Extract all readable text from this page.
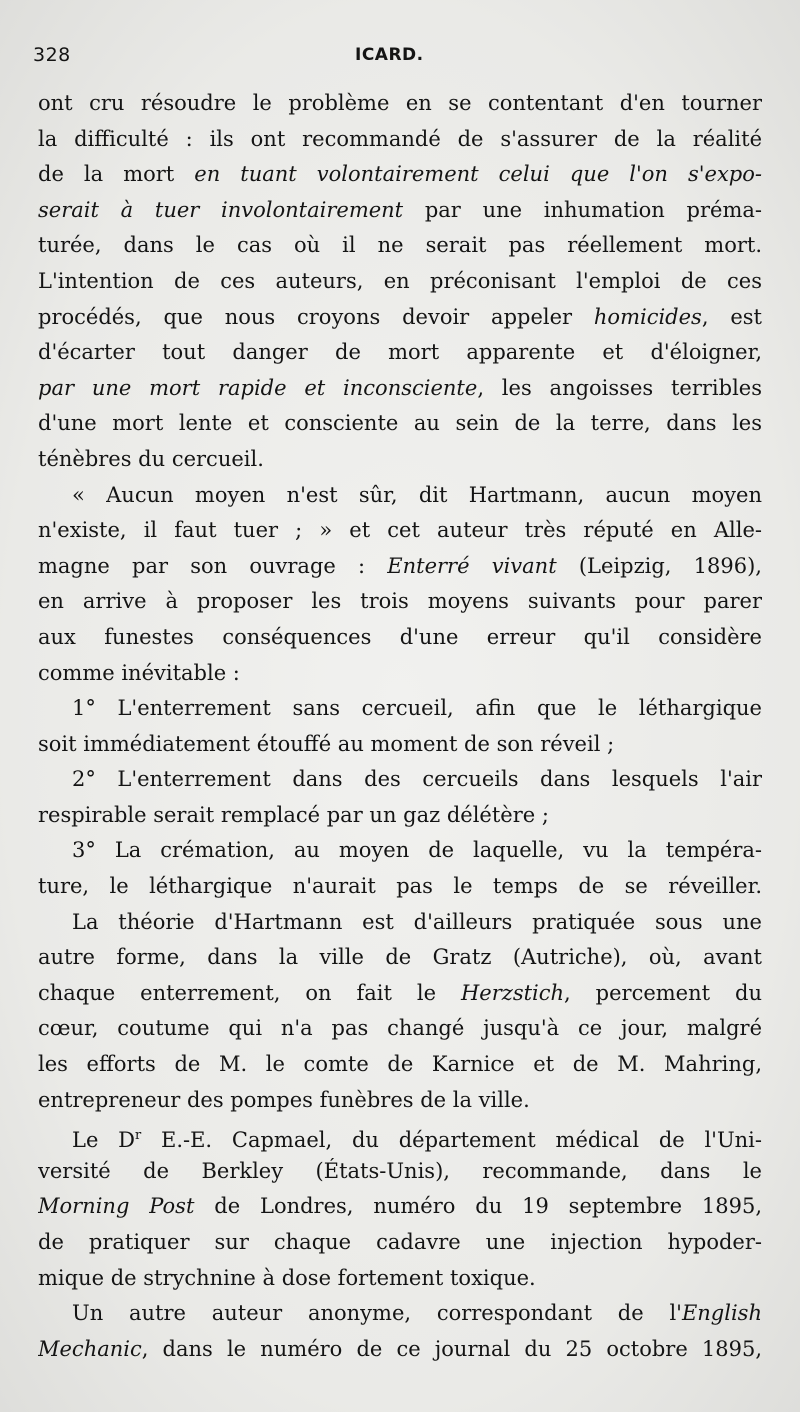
328	ICARD.
ont cru résoudre le problème en se contentant d'en tourner
la difficulté : ils ont recommandé de s'assurer de la réalité
de la mort en tuant volontairement celui que l'on s'expo-
serait à tuer involontairement par une inhumation préma-
turée, dans le cas où il ne serait pas réellement mort.
L'intention de ces auteurs, en préconisant l'emploi de ces
procédés, que nous croyons devoir appeler homicides, est
d'écarter tout danger de mort apparente et d'éloigner,
par une mort rapide et inconsciente, les angoisses terribles
d'une mort lente et consciente au sein de la terre, dans les
ténèbres du cercueil.
« Aucun moyen n'est sûr, dit Hartmann, aucun moyen
n'existe, il faut tuer ; » et cet auteur très réputé en Alle-
magne par son ouvrage : Enterré vivant (Leipzig, 1896),
en arrive à proposer les trois moyens suivants pour parer
aux funestes conséquences d'une erreur qu'il considère
comme inévitable :
1° L'enterrement sans cercueil, afin que le léthargique
soit immédiatement étouffé au moment de son réveil ;
2° L'enterrement dans des cercueils dans lesquels l'air
respirable serait remplacé par un gaz délétère ;
3° La crémation, au moyen de laquelle, vu la tempéra-
ture, le léthargique n'aurait pas le temps de se réveiller.
La théorie d'Hartmann est d'ailleurs pratiquée sous une
autre forme, dans la ville de Gratz (Autriche), où, avant
chaque enterrement, on fait le Herzstich, percement du
cœur, coutume qui n'a pas changé jusqu'à ce jour, malgré
les efforts de M. le comte de Karnice et de M. Mahring,
entrepreneur des pompes funèbres de la ville.
Le $D^r$ E.-E. Capmael, du département médical de l'Uni-
versité de Berkley (États-Unis), recommande, dans le
Morning Post de Londres, numéro du 19 septembre 1895,
de pratiquer sur chaque cadavre une injection hypoder-
mique de strychnine à dose fortement toxique.
Un autre auteur anonyme, correspondant de l'English
Mechanic, dans le numéro de ce journal du 25 octobre 1895,
